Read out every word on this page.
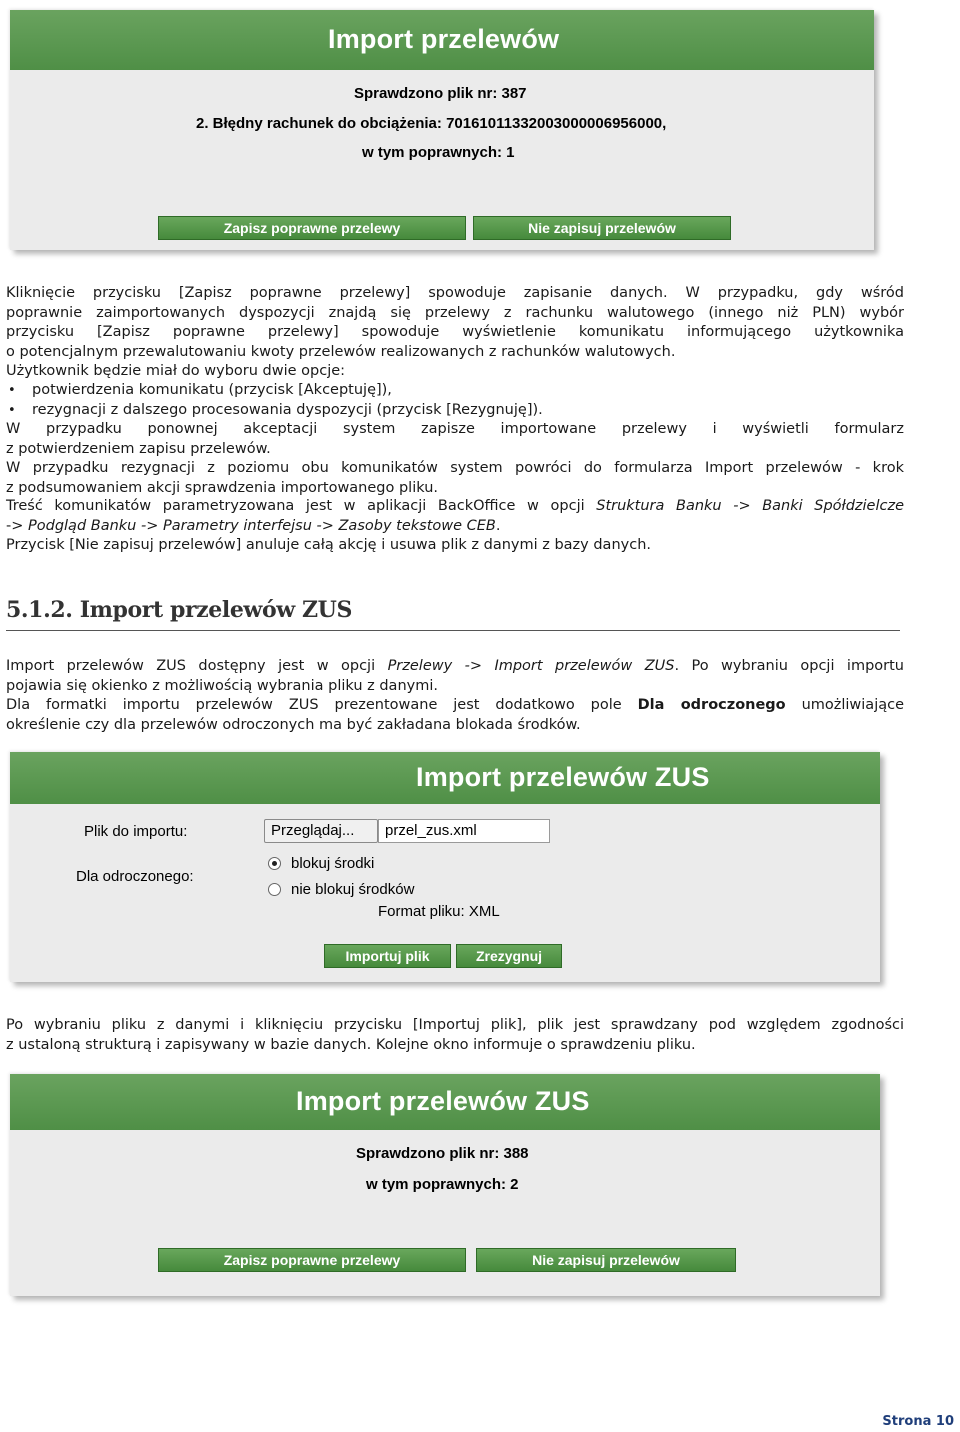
Import przelewów
Sprawdzono plik nr: 387
2. Błędny rachunek do obciążenia: 70161011332003000006956000,
w tym poprawnych: 1
Zapisz poprawne przelewy	Nie zapisuj przelewów

Kliknięcie przycisku [Zapisz poprawne przelewy] spowoduje zapisanie danych. W przypadku, gdy wśród
poprawnie zaimportowanych dyspozycji znajdą się przelewy z rachunku walutowego (innego niż PLN) wybór
przycisku [Zapisz poprawne przelewy] spowoduje wyświetlenie komunikatu informującego użytkownika
o potencjalnym przewalutowaniu kwoty przelewów realizowanych z rachunków walutowych.

Użytkownik będzie miał do wyboru dwie opcje:

• potwierdzenia komunikatu (przycisk [Akceptuję]),
• rezygnacji z dalszego procesowania dyspozycji (przycisk [Rezygnuję]).

W przypadku ponownej akceptacji system zapisze importowane przelewy i wyświetli formularz
z potwierdzeniem zapisu przelewów.

W przypadku rezygnacji z poziomu obu komunikatów system powróci do formularza Import przelewów - krok
z podsumowaniem akcji sprawdzenia importowanego pliku.

Treść komunikatów parametryzowana jest w aplikacji BackOffice w opcji Struktura Banku -> Banki Spółdzielcze
-> Podgląd Banku -> Parametry interfejsu -> Zasoby tekstowe CEB.

Przycisk [Nie zapisuj przelewów] anuluje całą akcję i usuwa plik z danymi z bazy danych.

5.1.2. Import przelewów ZUS

Import przelewów ZUS dostępny jest w opcji Przelewy -> Import przelewów ZUS. Po wybraniu opcji importu
pojawia się okienko z możliwością wybrania pliku z danymi.

Dla formatki importu przelewów ZUS prezentowane jest dodatkowo pole Dla odroczonego umożliwiające
określenie czy dla przelewów odroczonych ma być zakładana blokada środków.

Import przelewów ZUS
Plik do importu:	Przeglądaj...	przel_zus.xml
Dla odroczonego:
blokuj środki
nie blokuj środków
Format pliku: XML
Importuj plik	Zrezygnuj

Po wybraniu pliku z danymi i kliknięciu przycisku [Importuj plik], plik jest sprawdzany pod względem zgodności
z ustaloną strukturą i zapisywany w bazie danych. Kolejne okno informuje o sprawdzeniu pliku.

Import przelewów ZUS
Sprawdzono plik nr: 388
w tym poprawnych: 2
Zapisz poprawne przelewy	Nie zapisuj przelewów
Strona 10
